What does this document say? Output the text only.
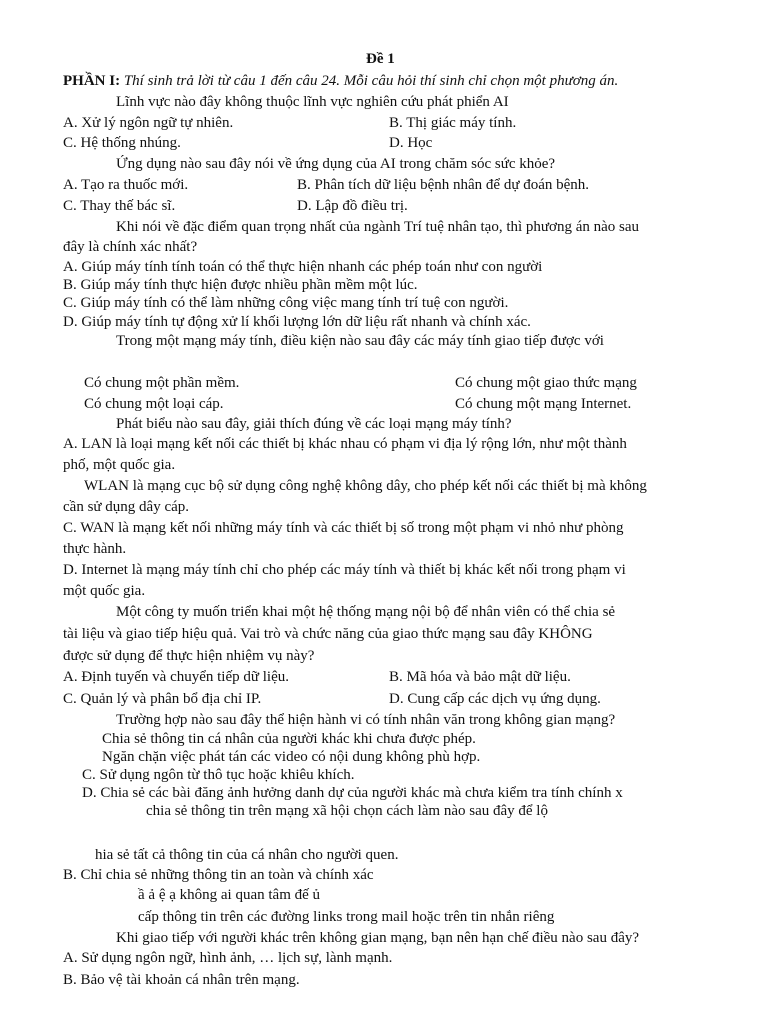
Đề 1
PHẦN I: Thí sinh trả lời từ câu 1 đến câu 24. Mỗi câu hỏi thí sinh chỉ chọn một phương án.
Lĩnh vực nào đây không thuộc lĩnh vực nghiên cứu phát phiển AI
A. Xử lý ngôn ngữ tự nhiên.	B. Thị giác máy tính.
C. Hệ thống nhúng.	D. Học
Ứng dụng nào sau đây nói về ứng dụng của AI trong chăm sóc sức khỏe?
A. Tạo ra thuốc mới.	B. Phân tích dữ liệu bệnh nhân để dự đoán bệnh.
C. Thay thế bác sĩ.	D. Lập đồ điều trị.
Khi nói về đặc điểm quan trọng nhất của ngành Trí tuệ nhân tạo, thì phương án nào sau
đây là chính xác nhất?
A. Giúp máy tính tính toán có thể thực hiện nhanh các phép toán như con người
B. Giúp máy tính thực hiện được nhiều phần mềm một lúc.
C. Giúp máy tính có thể làm những công việc mang tính trí tuệ con người.
D. Giúp máy tính tự động xử lí khối lượng lớn dữ liệu rất nhanh và chính xác.
Trong một mạng máy tính, điều kiện nào sau đây các máy tính giao tiếp được với
Có chung một phần mềm.	Có chung một giao thức mạng
Có chung một loại cáp.	Có chung một mạng Internet.
Phát biểu nào sau đây, giải thích đúng về các loại mạng máy tính?
A. LAN là loại mạng kết nối các thiết bị khác nhau có phạm vi địa lý rộng lớn, như một thành
phố, một quốc gia.
WLAN là mạng cục bộ sử dụng công nghệ không dây, cho phép kết nối các thiết bị mà không
cần sử dụng dây cáp.
C. WAN là mạng kết nối những máy tính và các thiết bị số trong một phạm vi nhỏ như phòng
thực hành.
D. Internet là mạng máy tính chỉ cho phép các máy tính và thiết bị khác kết nối trong phạm vi
một quốc gia.
Một công ty muốn triển khai một hệ thống mạng nội bộ để nhân viên có thể chia sẻ
tài liệu và giao tiếp hiệu quả. Vai trò và chức năng của giao thức mạng sau đây KHÔNG
được sử dụng để thực hiện nhiệm vụ này?
A. Định tuyến và chuyển tiếp dữ liệu.	B. Mã hóa và bảo mật dữ liệu.
C. Quản lý và phân bổ địa chỉ IP.	D. Cung cấp các dịch vụ ứng dụng.
Trường hợp nào sau đây thể hiện hành vi có tính nhân văn trong không gian mạng?
Chia sẻ thông tin cá nhân của người khác khi chưa được phép.
Ngăn chặn việc phát tán các video có nội dung không phù hợp.
C. Sử dụng ngôn từ thô tục hoặc khiêu khích.
D. Chia sẻ các bài đăng ảnh hưởng danh dự của người khác mà chưa kiểm tra tính chính x
chia sẻ thông tin trên mạng xã hội chọn cách làm nào sau đây để lộ
hia sẻ tất cả thông tin của cá nhân cho người quen.
B. Chỉ chia sẻ những thông tin an toàn và chính xác
ầ ả ệ ạ không ai quan tâm đế ủ
cấp thông tin trên các đường links trong mail hoặc trên tin nhắn riêng
Khi giao tiếp với người khác trên không gian mạng, bạn nên hạn chế điều nào sau đây?
A. Sử dụng ngôn ngữ, hình ảnh, … lịch sự, lành mạnh.
B. Bảo vệ tài khoản cá nhân trên mạng.
